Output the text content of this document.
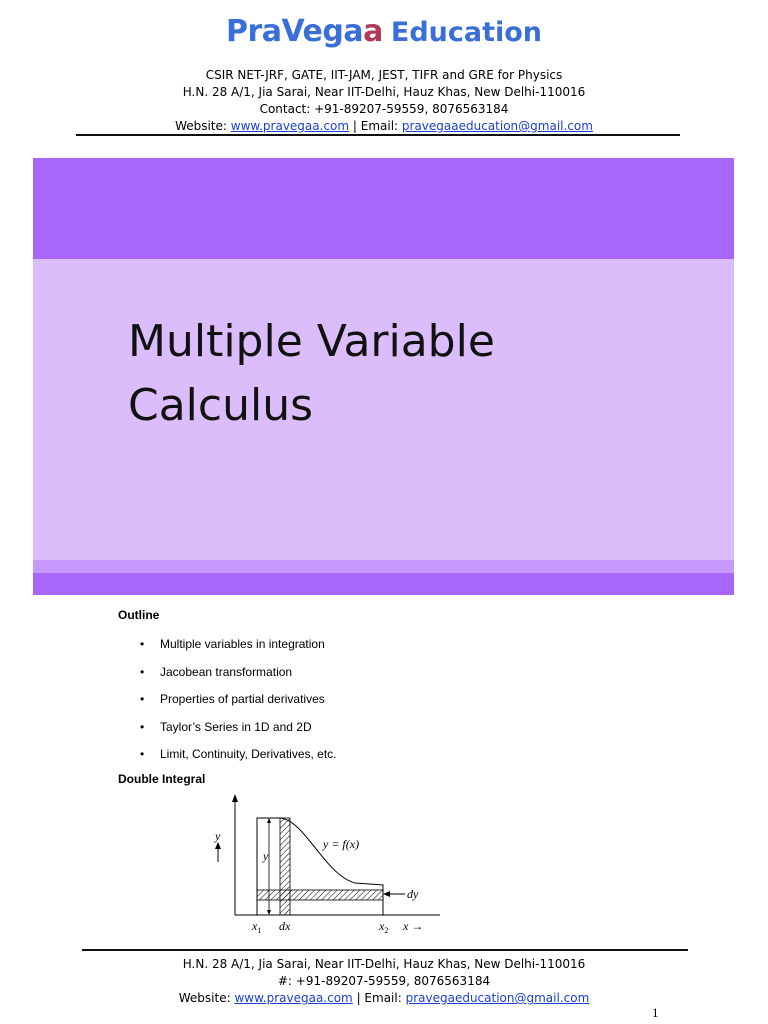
PraVegaa Education
CSIR NET-JRF, GATE, IIT-JAM, JEST, TIFR and GRE for Physics
H.N. 28 A/1, Jia Sarai, Near IIT-Delhi, Hauz Khas, New Delhi-110016
Contact: +91-89207-59559, 8076563184
Website: www.pravegaa.com | Email: pravegaaeducation@gmail.com
Multiple Variable
Calculus
Outline
• Multiple variables in integration
• Jacobean transformation
• Properties of partial derivatives
• Taylor’s Series in 1D and 2D
• Limit, Continuity, Derivatives, etc.
Double Integral
y
y
y = f(x)
dy
$x_1$ dx	$x_2$ x →
H.N. 28 A/1, Jia Sarai, Near IIT-Delhi, Hauz Khas, New Delhi-110016
#: +91-89207-59559, 8076563184
Website: www.pravegaa.com | Email: pravegaeducation@gmail.com
1
